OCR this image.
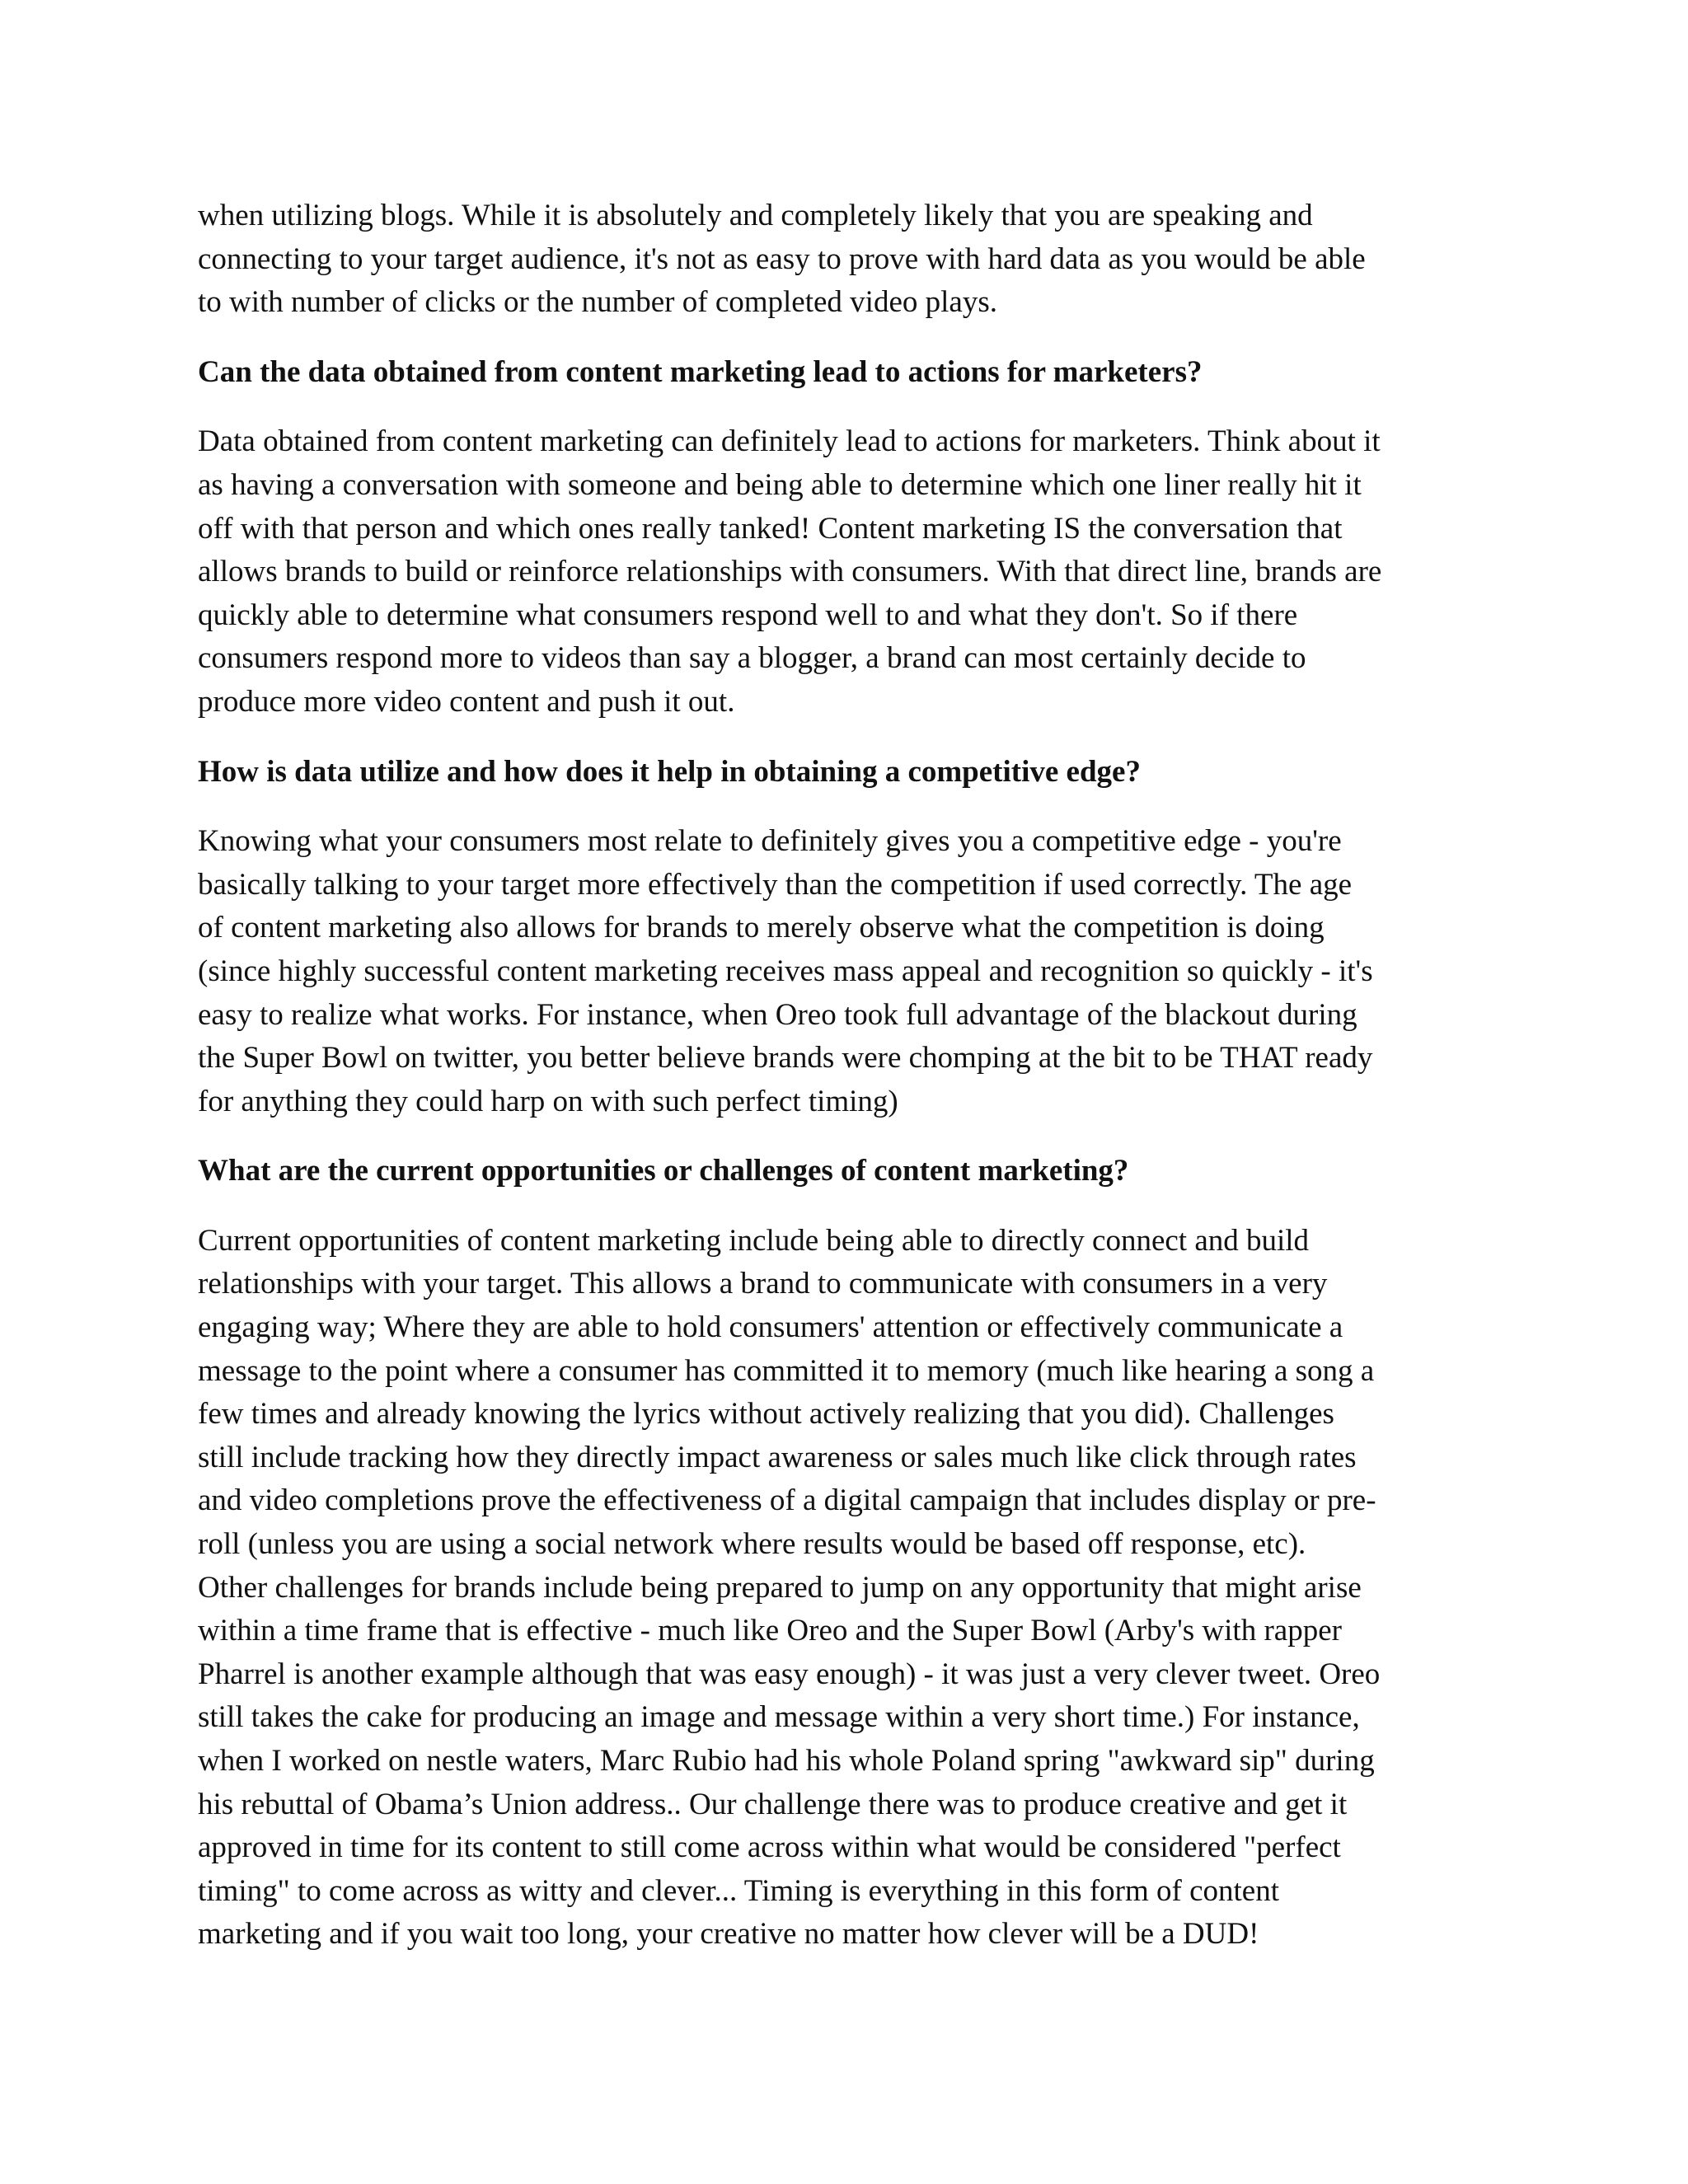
when utilizing blogs. While it is absolutely and completely likely that you are speaking and
connecting to your target audience, it's not as easy to prove with hard data as you would be able
to with number of clicks or the number of completed video plays.
Can the data obtained from content marketing lead to actions for marketers?
Data obtained from content marketing can definitely lead to actions for marketers. Think about it
as having a conversation with someone and being able to determine which one liner really hit it
off with that person and which ones really tanked! Content marketing IS the conversation that
allows brands to build or reinforce relationships with consumers. With that direct line, brands are
quickly able to determine what consumers respond well to and what they don't. So if there
consumers respond more to videos than say a blogger, a brand can most certainly decide to
produce more video content and push it out.
How is data utilize and how does it help in obtaining a competitive edge?
Knowing what your consumers most relate to definitely gives you a competitive edge - you're
basically talking to your target more effectively than the competition if used correctly. The age
of content marketing also allows for brands to merely observe what the competition is doing
(since highly successful content marketing receives mass appeal and recognition so quickly - it's
easy to realize what works. For instance, when Oreo took full advantage of the blackout during
the Super Bowl on twitter, you better believe brands were chomping at the bit to be THAT ready
for anything they could harp on with such perfect timing)
What are the current opportunities or challenges of content marketing?
Current opportunities of content marketing include being able to directly connect and build
relationships with your target. This allows a brand to communicate with consumers in a very
engaging way; Where they are able to hold consumers' attention or effectively communicate a
message to the point where a consumer has committed it to memory (much like hearing a song a
few times and already knowing the lyrics without actively realizing that you did). Challenges
still include tracking how they directly impact awareness or sales much like click through rates
and video completions prove the effectiveness of a digital campaign that includes display or pre-
roll (unless you are using a social network where results would be based off response, etc).
Other challenges for brands include being prepared to jump on any opportunity that might arise
within a time frame that is effective - much like Oreo and the Super Bowl (Arby's with rapper
Pharrel is another example although that was easy enough) - it was just a very clever tweet. Oreo
still takes the cake for producing an image and message within a very short time.) For instance,
when I worked on nestle waters, Marc Rubio had his whole Poland spring "awkward sip" during
his rebuttal of Obama’s Union address.. Our challenge there was to produce creative and get it
approved in time for its content to still come across within what would be considered "perfect
timing" to come across as witty and clever... Timing is everything in this form of content
marketing and if you wait too long, your creative no matter how clever will be a DUD!
